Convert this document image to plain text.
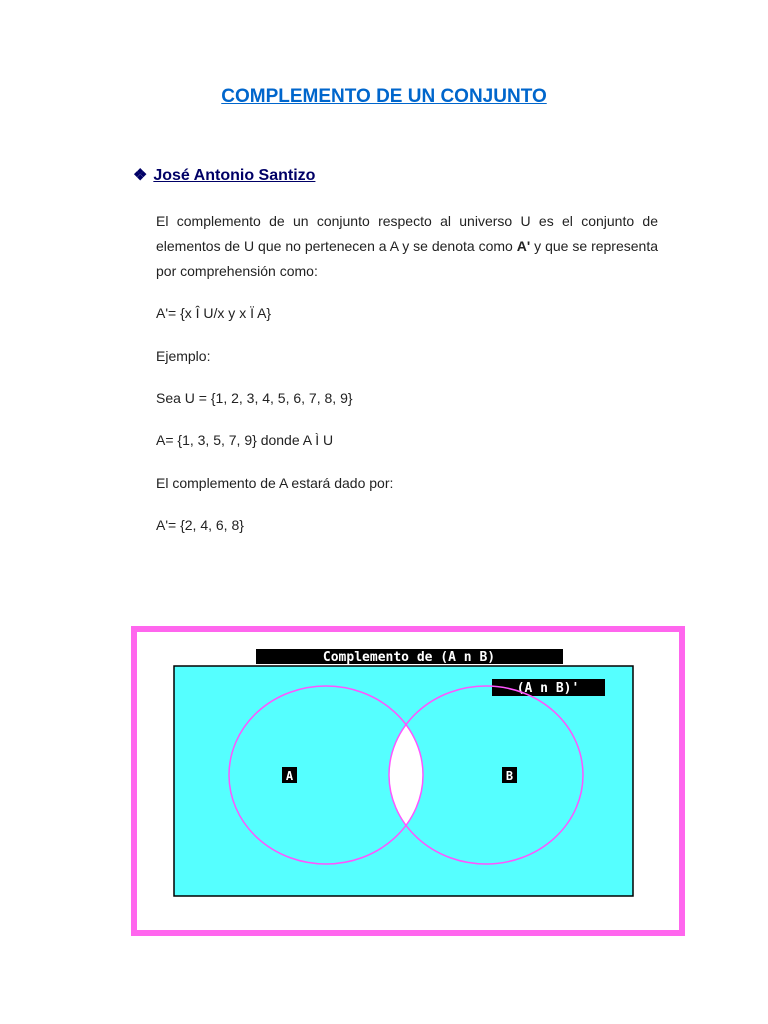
COMPLEMENTO DE UN CONJUNTO
❖ José Antonio Santizo

El complemento de un conjunto respecto al universo U es el conjunto de elementos de U que no pertenecen a A y se denota como A' y que se representa por comprehensión como:

A'= {x Î U/x y x Ï A}
Ejemplo:
Sea U = {1, 2, 3, 4, 5, 6, 7, 8, 9}
A= {1, 3, 5, 7, 9} donde A Ì U
El complemento de A estará dado por:
A'= {2, 4, 6, 8}
Complemento de (A n B)
(A n B)'
A	B
